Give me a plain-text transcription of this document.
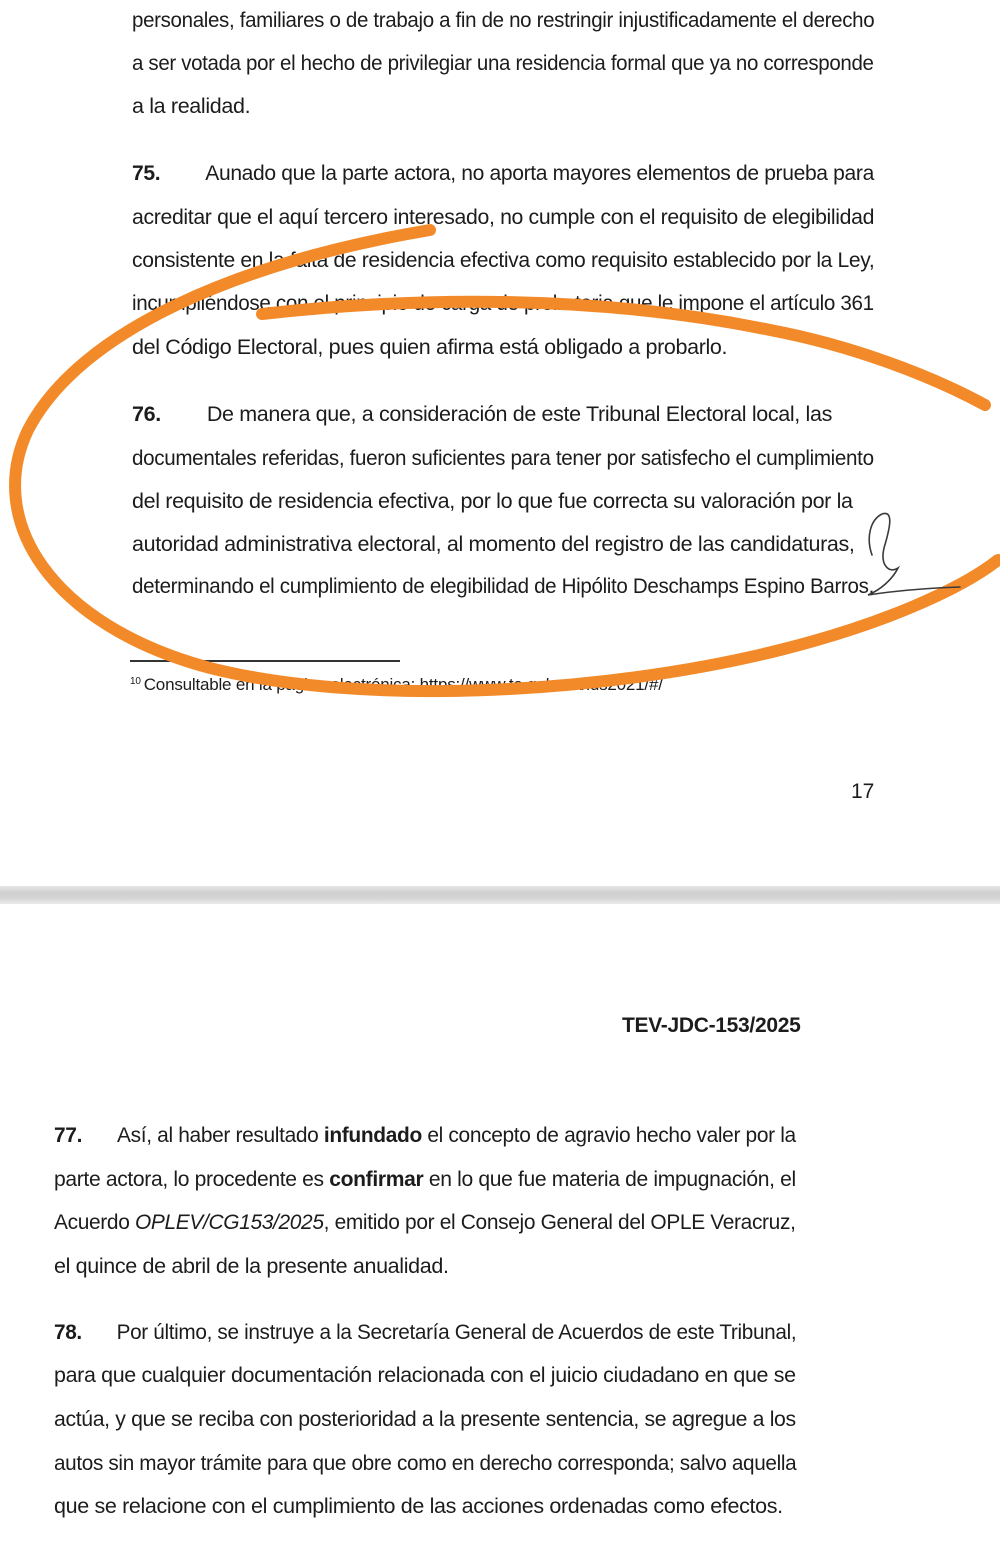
personales, familiares o de trabajo a fin de no restringir injustificadamente el derecho
a ser votada por el hecho de privilegiar una residencia formal que ya no corresponde
a la realidad.
75. Aunado que la parte actora, no aporta mayores elementos de prueba para
acreditar que el aquí tercero interesado, no cumple con el requisito de elegibilidad
consistente en la falta de residencia efectiva como requisito establecido por la Ley,
incumpliéndose con el principio de carga de probatoria que le impone el artículo 361
del Código Electoral, pues quien afirma está obligado a probarlo.
76. De manera que, a consideración de este Tribunal Electoral local, las
documentales referidas, fueron suficientes para tener por satisfecho el cumplimiento
del requisito de residencia efectiva, por lo que fue correcta su valoración por la
autoridad administrativa electoral, al momento del registro de las candidaturas,
determinando el cumplimiento de elegibilidad de Hipólito Deschamps Espino Barros.
$^{10}$ Consultable en la página electrónica: https://www.te.gob.mx/ius2021/#/
17
TEV-JDC-153/2025
77. Así, al haber resultado infundado el concepto de agravio hecho valer por la
parte actora, lo procedente es confirmar en lo que fue materia de impugnación, el
Acuerdo OPLEV/CG153/2025, emitido por el Consejo General del OPLE Veracruz,
el quince de abril de la presente anualidad.
78. Por último, se instruye a la Secretaría General de Acuerdos de este Tribunal,
para que cualquier documentación relacionada con el juicio ciudadano en que se
actúa, y que se reciba con posterioridad a la presente sentencia, se agregue a los
autos sin mayor trámite para que obre como en derecho corresponda; salvo aquella
que se relacione con el cumplimiento de las acciones ordenadas como efectos.
